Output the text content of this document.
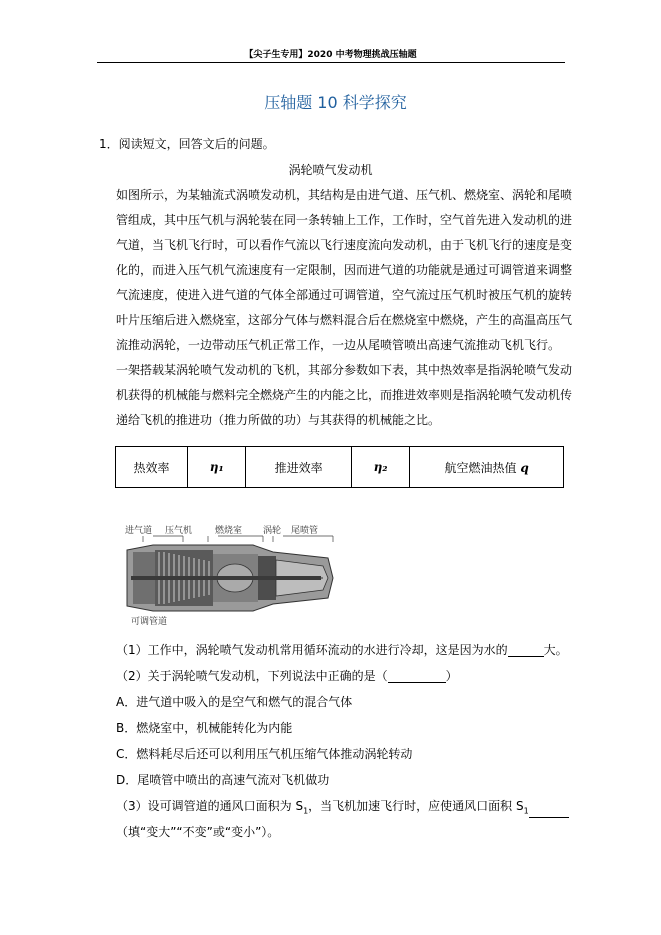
【尖子生专用】2020 中考物理挑战压轴题
压轴题 10 科学探究
1．阅读短文，回答文后的问题。
涡轮喷气发动机
如图所示，为某轴流式涡喷发动机，其结构是由进气道、压气机、燃烧室、涡轮和尾喷
管组成，其中压气机与涡轮装在同一条转轴上工作，工作时，空气首先进入发动机的进
气道，当飞机飞行时，可以看作气流以飞行速度流向发动机，由于飞机飞行的速度是变
化的，而进入压气机气流速度有一定限制，因而进气道的功能就是通过可调管道来调整
气流速度，使进入进气道的气体全部通过可调管道，空气流过压气机时被压气机的旋转
叶片压缩后进入燃烧室，这部分气体与燃料混合后在燃烧室中燃烧，产生的高温高压气
流推动涡轮，一边带动压气机正常工作，一边从尾喷管喷出高速气流推动飞机飞行。
一架搭载某涡轮喷气发动机的飞机，其部分参数如下表，其中热效率是指涡轮喷气发动
机获得的机械能与燃料完全燃烧产生的内能之比，而推进效率则是指涡轮喷气发动机传
递给飞机的推进功（推力所做的功）与其获得的机械能之比。
热效率	η₁	推进效率	η₂	航空燃油热值 q
进气道 压气机	燃烧室 涡轮 尾喷管
可调管道
（1）工作中，涡轮喷气发动机常用循环流动的水进行冷却，这是因为水的	大。
（2）关于涡轮喷气发动机，下列说法中正确的是（	）
A．进气道中吸入的是空气和燃气的混合气体
B．燃烧室中，机械能转化为内能
C．燃料耗尽后还可以利用压气机压缩气体推动涡轮转动
D．尾喷管中喷出的高速气流对飞机做功
（3）设可调管道的通风口面积为 $S_1$，当飞机加速飞行时，应使通风口面积 $S_1$
（填“变大”“不变”或“变小”）。
